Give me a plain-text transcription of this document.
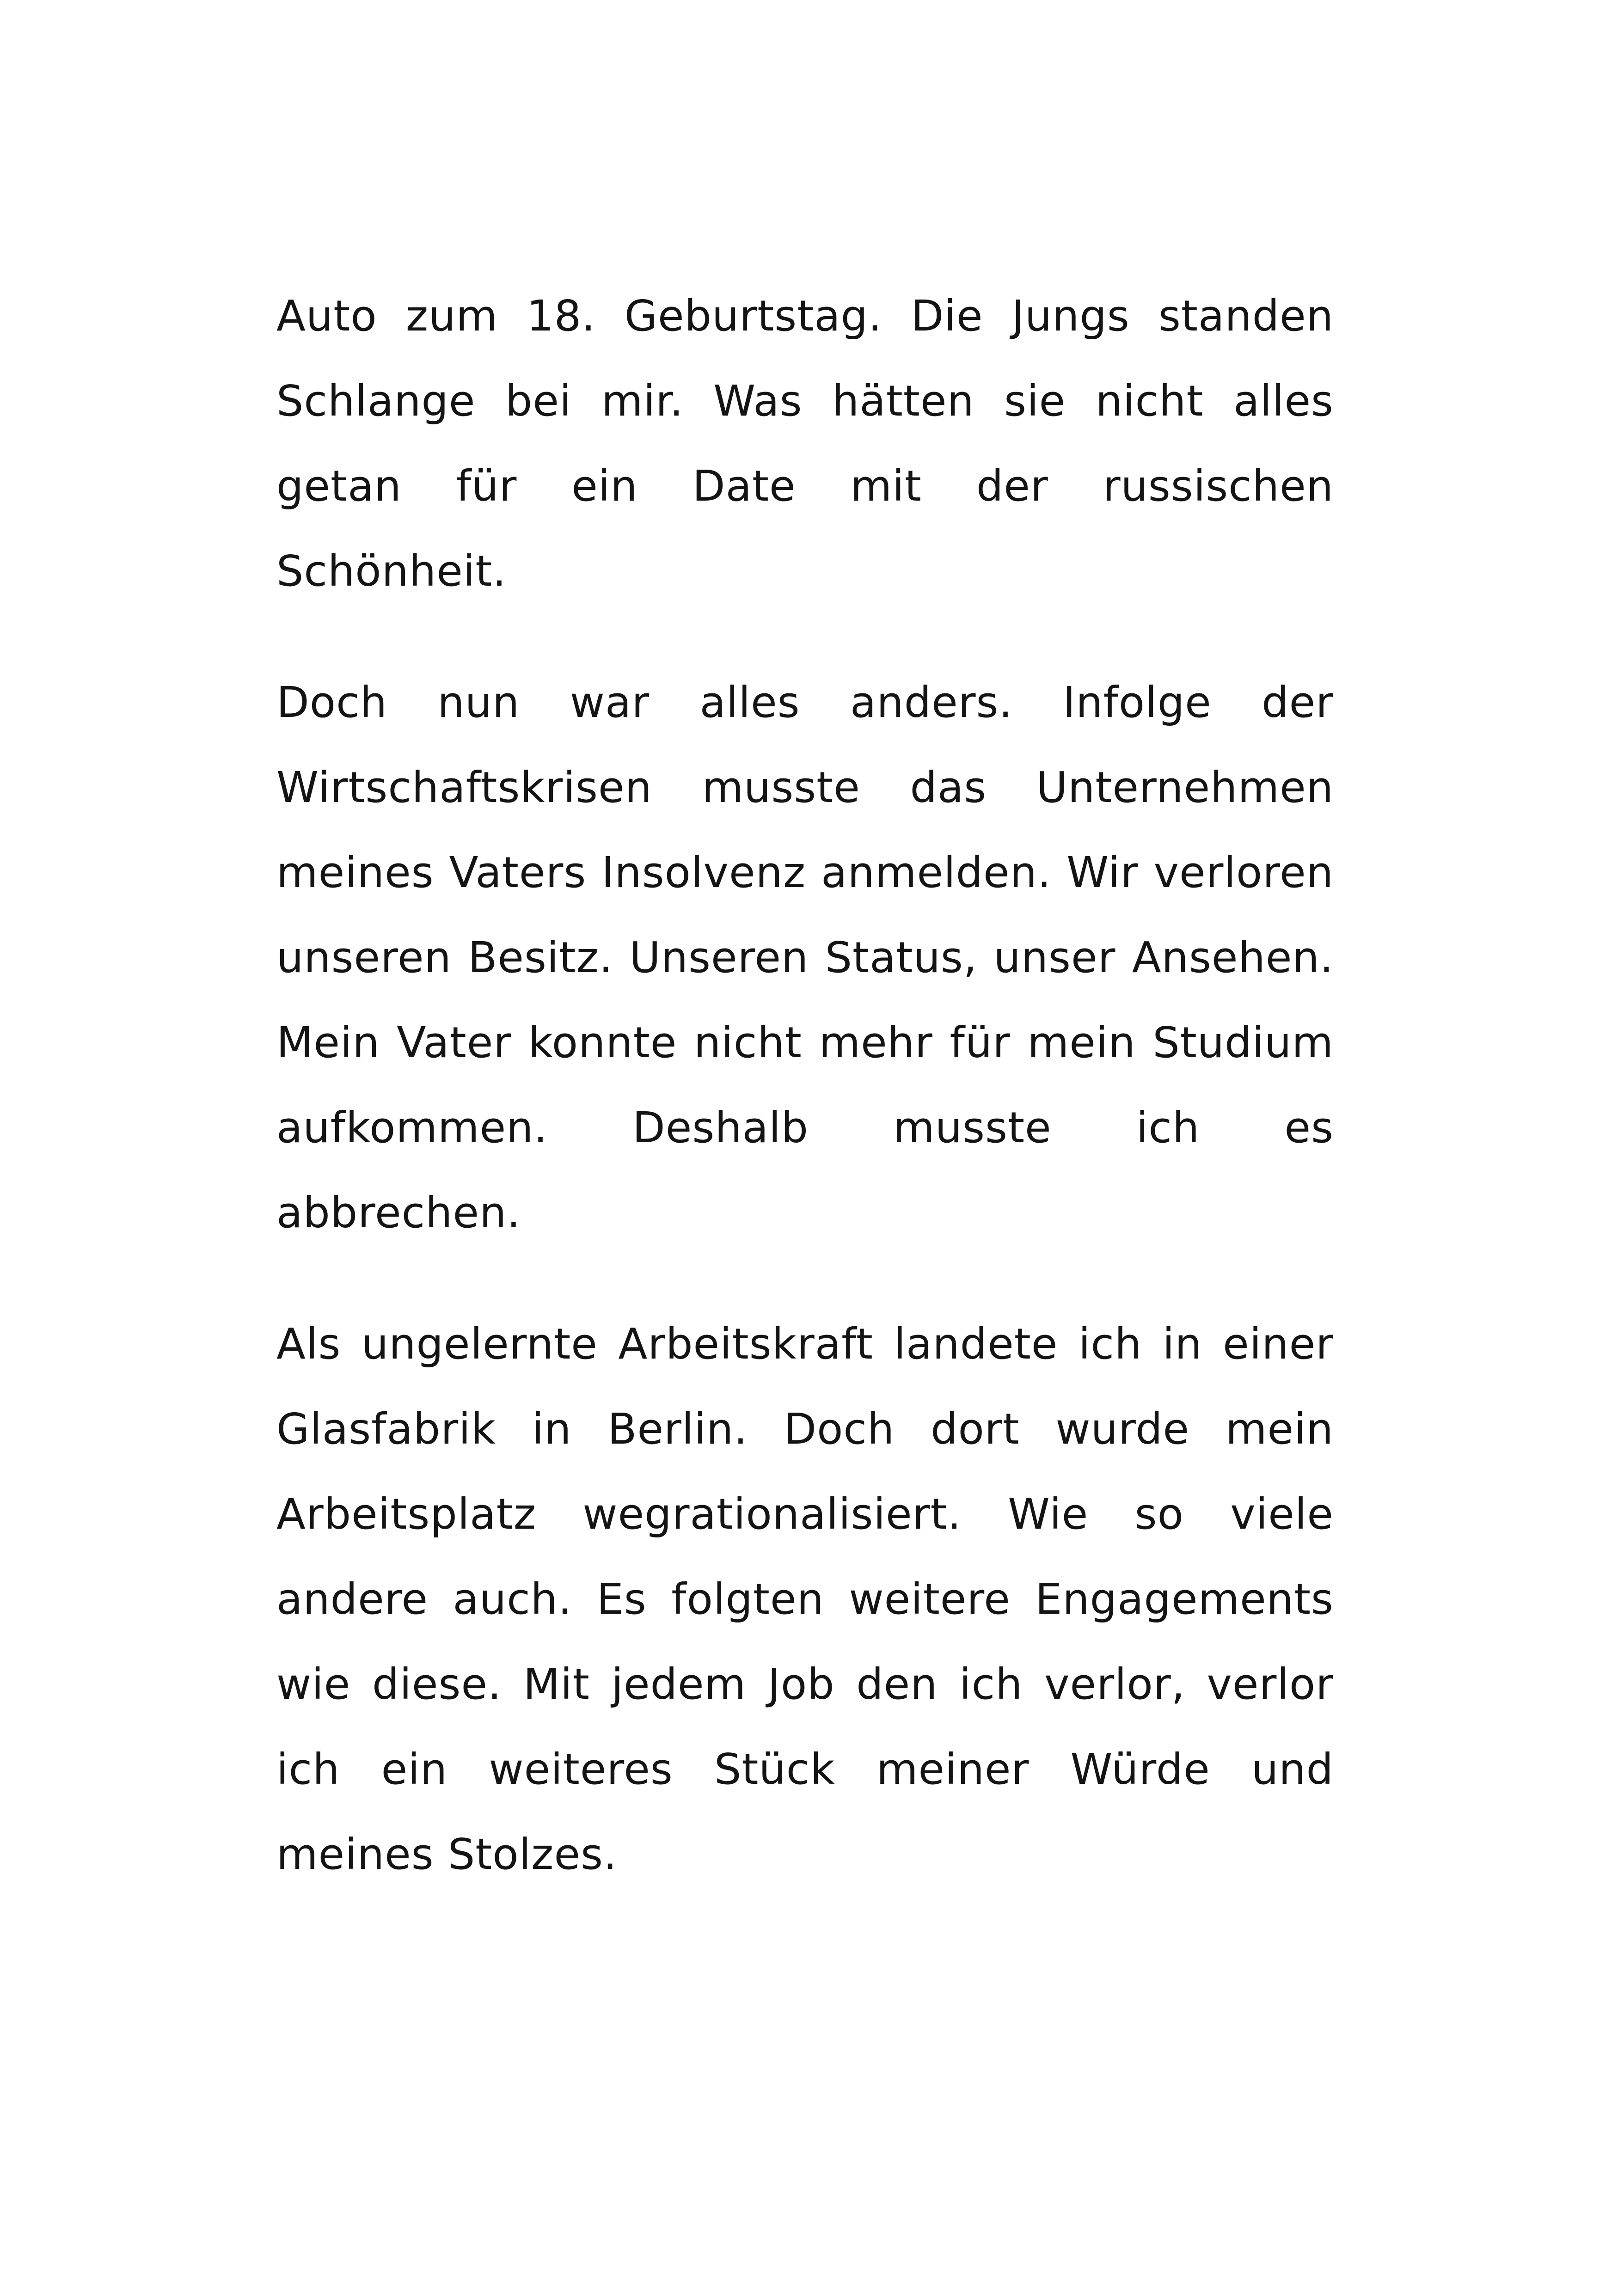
Auto zum 18. Geburtstag. Die Jungs standen
Schlange bei mir. Was hätten sie nicht alles
getan für ein Date mit der russischen
Schönheit.

Doch nun war alles anders. Infolge der
Wirtschaftskrisen musste das Unternehmen
meines Vaters Insolvenz anmelden. Wir verloren
unseren Besitz. Unseren Status, unser Ansehen.
Mein Vater konnte nicht mehr für mein Studium
aufkommen. Deshalb musste ich es
abbrechen.

Als ungelernte Arbeitskraft landete ich in einer
Glasfabrik in Berlin. Doch dort wurde mein
Arbeitsplatz wegrationalisiert. Wie so viele
andere auch. Es folgten weitere Engagements
wie diese. Mit jedem Job den ich verlor, verlor
ich ein weiteres Stück meiner Würde und
meines Stolzes.
